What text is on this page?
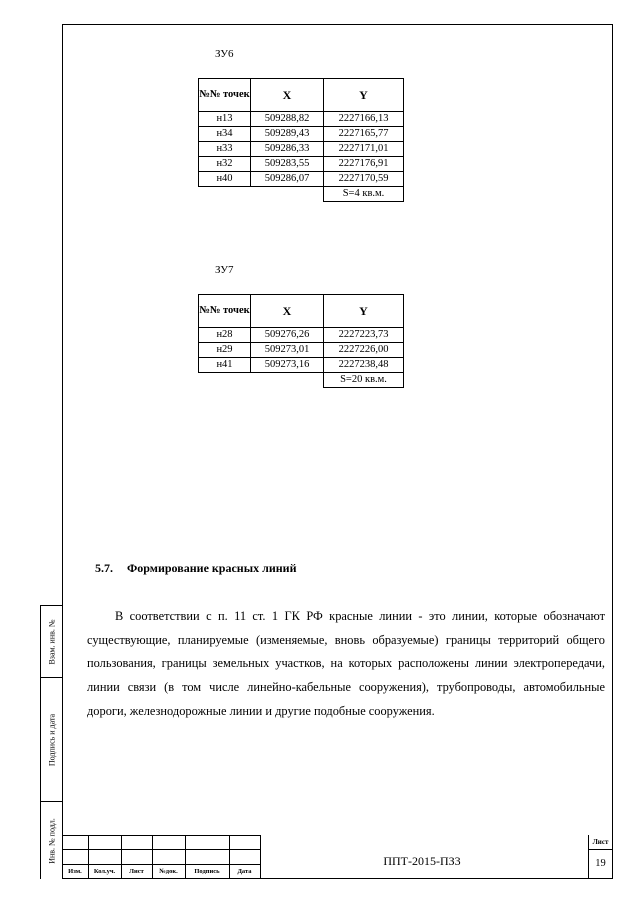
Взам. инв. №
Подпись и дата
Инв. № подл.
ЗУ6
№№ точек	X	Y
н13	509288,82	2227166,13
н34	509289,43	2227165,77
н33	509286,33	2227171,01
н32	509283,55	2227176,91
н40	509286,07	2227170,59
		S=4 кв.м.
ЗУ7
№№ точек	X	Y
н28	509276,26	2227223,73
н29	509273,01	2227226,00
н41	509273,16	2227238,48
		S=20 кв.м.
5.7. Формирование красных линий
В соответствии с п. 11 ст. 1 ГК РФ красные линии - это линии, которые обозначают существующие, планируемые (изменяемые, вновь образуемые) границы территорий общего пользования, границы земельных участков, на которых расположены линии электропередачи, линии связи (в том числе линейно-кабельные сооружения), трубопроводы, автомобильные дороги, железнодорожные линии и другие подобные сооружения.
Изм.	Кол.уч.	Лист	№док.	Подпись	Дата
ППТ-2015-ПЗ3
Лист
19
